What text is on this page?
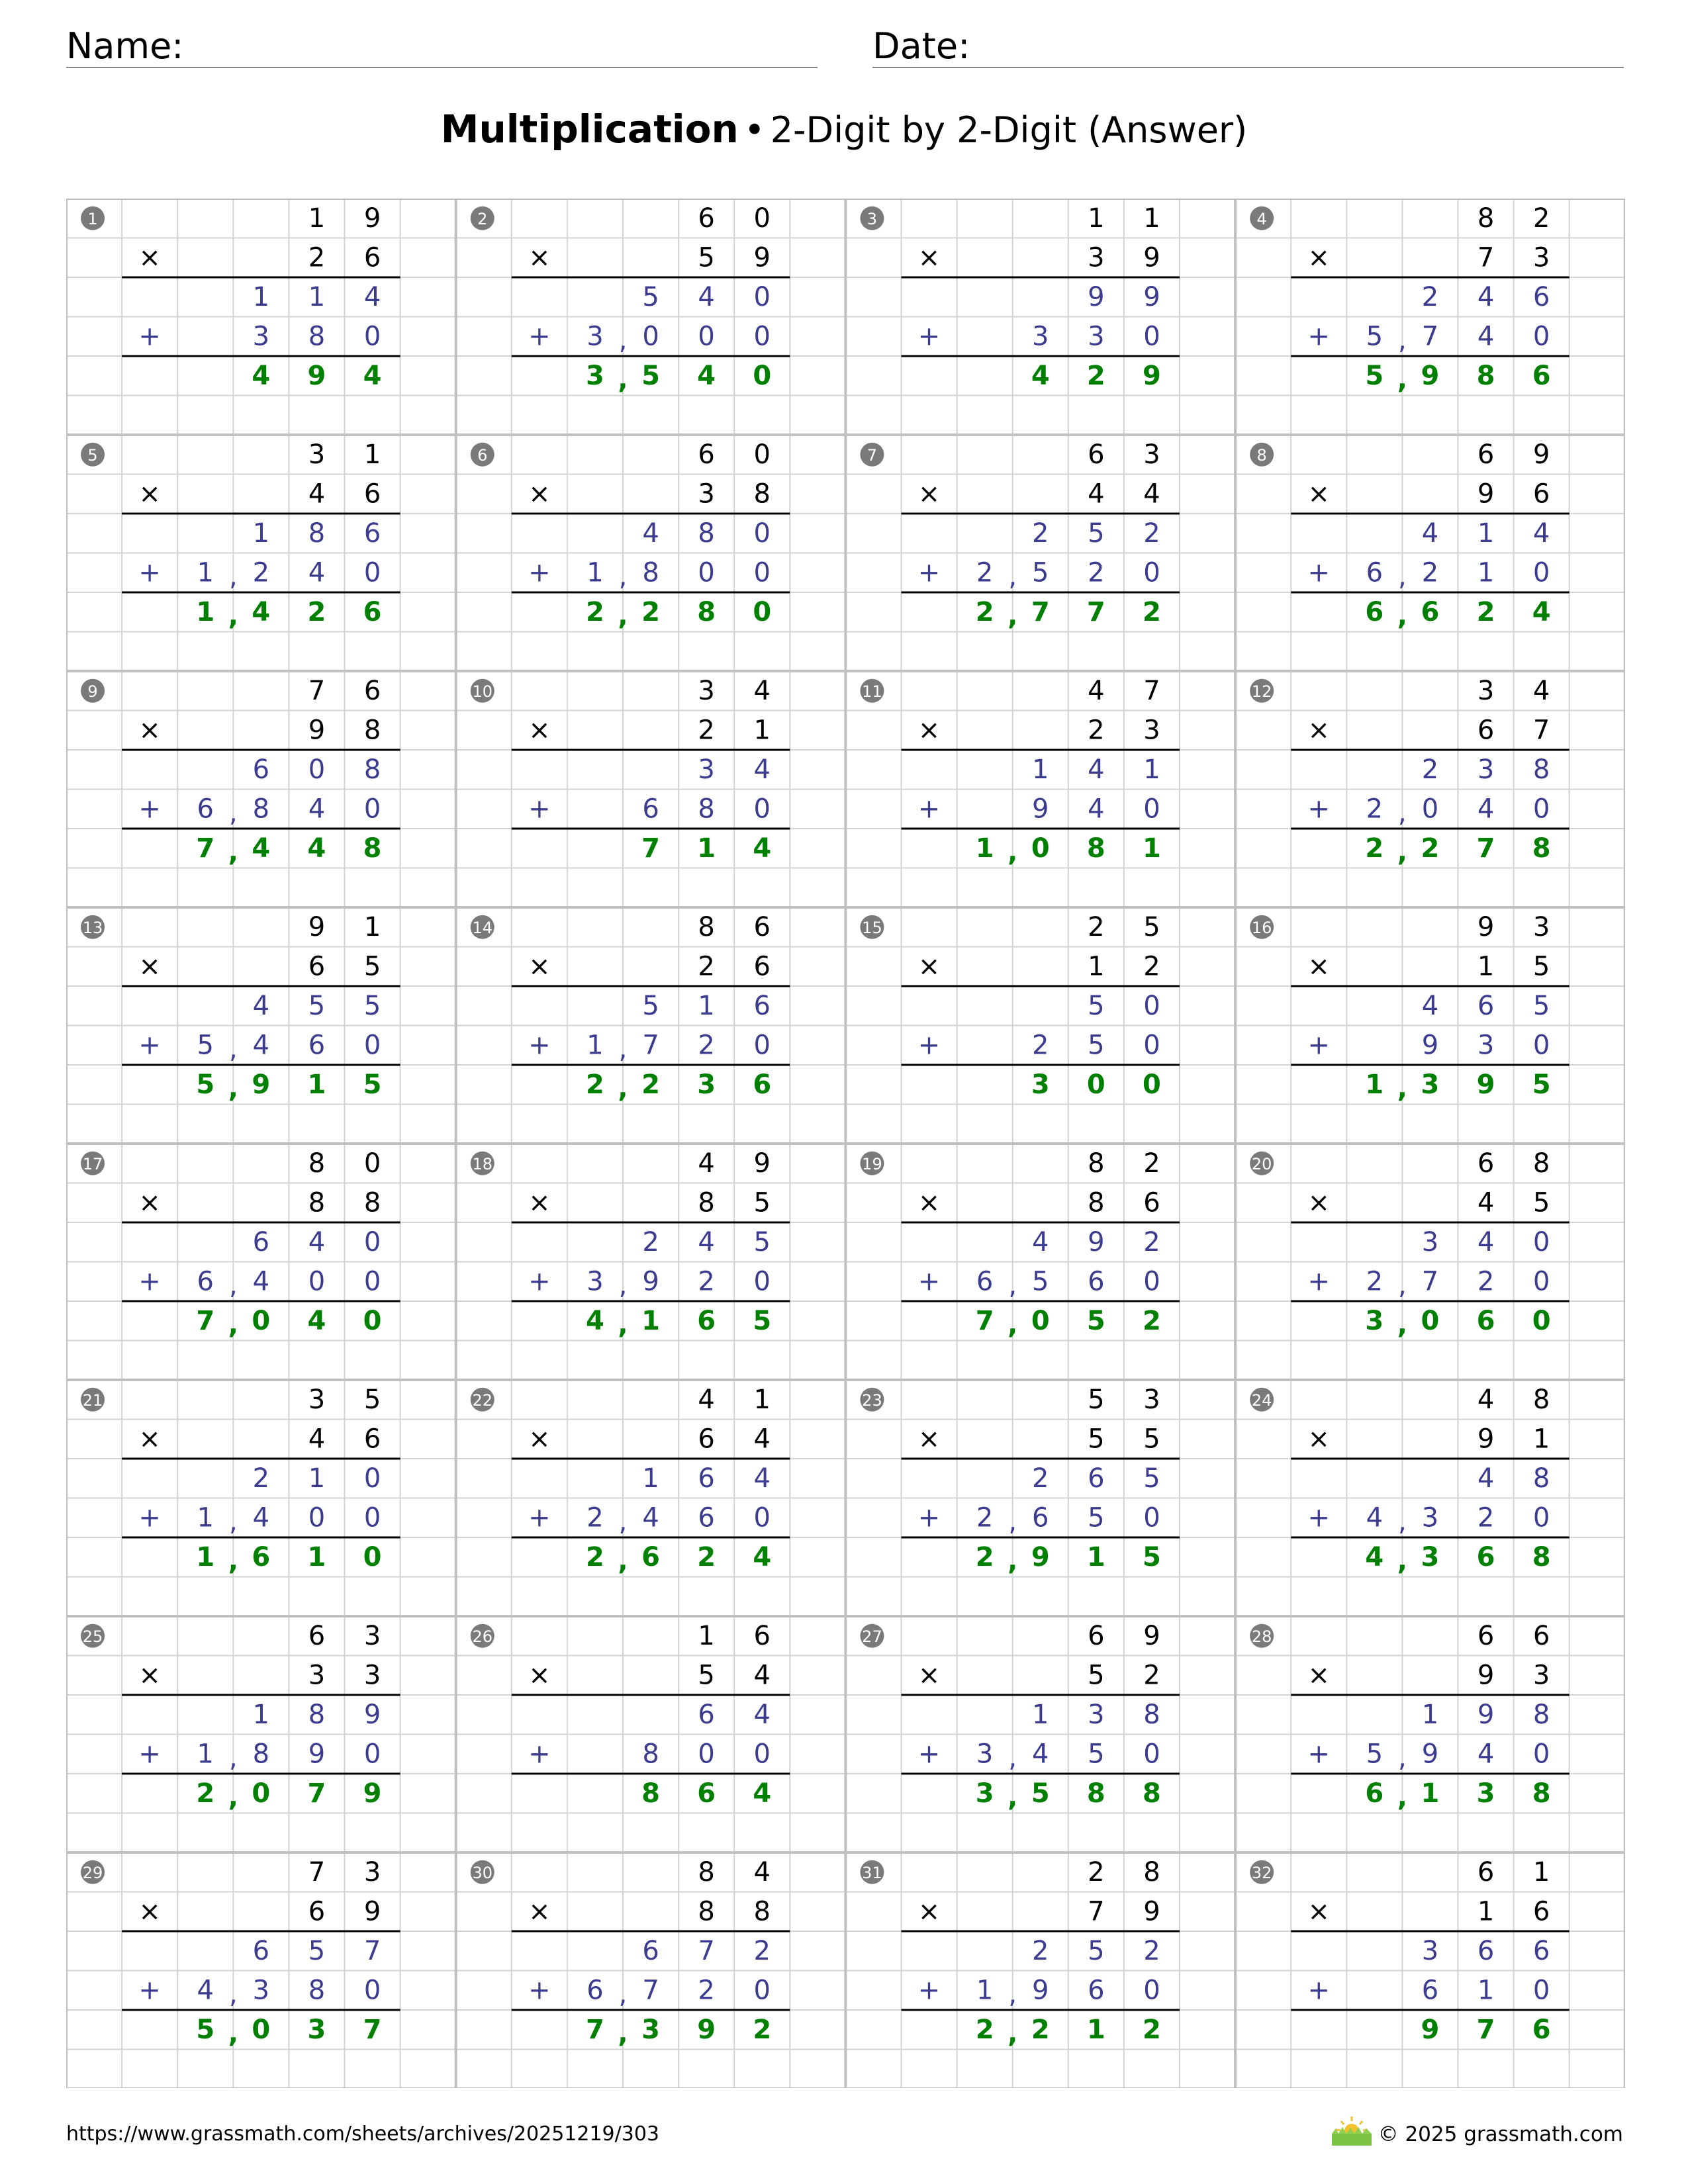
Name:	Date:
Multiplication • 2-Digit by 2-Digit (Answer)
1	1 9
×	2 6
1 1 4
+	3 8 0
4 9 4
2	6 0
×	5 9
5 4 0
+ 3 0 0 0
,
3 5 4 0
,
3	1 1
×	3 9
9 9
+	3 3 0
4 2 9
4	8 2
×	7 3
2 4 6
+ 5 7 4 0
,
5 9 8 6
,
5	3 1
×	4 6
1 8 6
+ 1 2 4 0
,
1 4 2 6
,
6	6 0
×	3 8
4 8 0
+ 1 8 0 0
,
2 2 8 0
,
7	6 3
×	4 4
2 5 2
+ 2 5 2 0
,
2 7 7 2
,
8	6 9
×	9 6
4 1 4
+ 6 2 1 0
,
6 6 2 4
,
9	7 6
×	9 8
6 0 8
+ 6 8 4 0
,
7 4 4 8
,
10	3 4
×	2 1
3 4
+	6 8 0
7 1 4
11	4 7
×	2 3
1 4 1
+	9 4 0
1 0 8 1
,
12	3 4
×	6 7
2 3 8
+ 2 0 4 0
,
2 2 7 8
,
13	9 1
×	6 5
4 5 5
+ 5 4 6 0
,
5 9 1 5
,
14	8 6
×	2 6
5 1 6
+ 1 7 2 0
,
2 2 3 6
,
15	2 5
×	1 2
5 0
+	2 5 0
3 0 0
16	9 3
×	1 5
4 6 5
+	9 3 0
1 3 9 5
,
17	8 0
×	8 8
6 4 0
+ 6 4 0 0
,
7 0 4 0
,
18	4 9
×	8 5
2 4 5
+ 3 9 2 0
,
4 1 6 5
,
19	8 2
×	8 6
4 9 2
+ 6 5 6 0
,
7 0 5 2
,
20	6 8
×	4 5
3 4 0
+ 2 7 2 0
,
3 0 6 0
,
21	3 5
×	4 6
2 1 0
+ 1 4 0 0
,
1 6 1 0
,
22	4 1
×	6 4
1 6 4
+ 2 4 6 0
,
2 6 2 4
,
23	5 3
×	5 5
2 6 5
+ 2 6 5 0
,
2 9 1 5
,
24	4 8
×	9 1
4 8
+ 4 3 2 0
,
4 3 6 8
,
25	6 3
×	3 3
1 8 9
+ 1 8 9 0
,
2 0 7 9
,
26	1 6
×	5 4
6 4
+	8 0 0
8 6 4
27	6 9
×	5 2
1 3 8
+ 3 4 5 0
,
3 5 8 8
,
28	6 6
×	9 3
1 9 8
+ 5 9 4 0
,
6 1 3 8
,
29	7 3
×	6 9
6 5 7
+ 4 3 8 0
,
5 0 3 7
,
30	8 4
×	8 8
6 7 2
+ 6 7 2 0
,
7 3 9 2
,
31	2 8
×	7 9
2 5 2
+ 1 9 6 0
,
2 2 1 2
,
32	6 1
×	1 6
3 6 6
+	6 1 0
9 7 6
https://www.grassmath.com/sheets/archives/20251219/303	© 2025 grassmath.com
